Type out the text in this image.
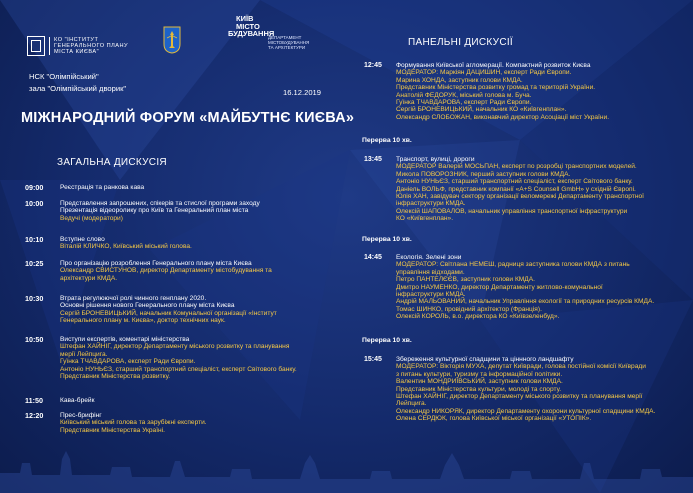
КО "ІНСТИТУТ
ГЕНЕРАЛЬНОГО ПЛАНУ
МІСТА КИЄВА"
КИЇВ
МІСТО
БУДУВАННЯ
ДЕПАРТАМЕНТ
МІСТОБУДУВАННЯ
ТА АРХІТЕКТУРИ
НСК "Олімпійський"
зала "Олімпійський дворик"	16.12.2019
МІЖНАРОДНИЙ ФОРУМ «МАЙБУТНЄ КИЄВА»
ЗАГАЛЬНА ДИСКУСІЯ
ПАНЕЛЬНІ ДИСКУСІЇ
09:00	Реєстрація та ранкова кава
10:00	Представлення запрошених, спікерів та стислої програми заходу
Презентація відеоролику про Київ та Генеральний план міста
Ведучі (модератори)
10:10	Вступне слово
Віталій КЛИЧКО, Київський міський голова.
10:25	Про організацію розроблення Генерального плану міста Києва
Олександр СВИСТУНОВ, директор Департаменту містобудування та
архітектури КМДА.
10:30	Втрата регулюючої ролі чинного генплану 2020.
Основні рішення нового Генерального плану міста Києва
Сергій БРОНЕВИЦЬКИЙ, начальник Комунальної організації «Інститут
Генерального плану м. Києва», доктор технічних наук.
10:50	Виступи експертів, коментарі міністерства
Штефан ХАЙНІГ, директор Департаменту міського розвитку та планування
мерії Лейпцига.
Гуїнка ТЧАВДАРОВА, експерт Ради Європи.
Антоніо НУНЬЄЗ, старший транспортний спеціаліст, експерт Світового банку.
Представник Міністерства розвитку.
11:50	Кава-брейк
12:20	Прес-брифінг
Київський міський голова та зарубіжні експерти.
Представник Міністерства Україні.
12:45	Формування Київської агломерації. Компактний розвиток Києва
МОДЕРАТОР: Маркіян ДАЦИШИН, експерт Ради Європи.
Марина ХОНДА, заступник голови КМДА.
Представник Міністерства розвитку громад та територій України.
Анатолій ФЕДОРУК, міський голова м. Буча.
Гуїнка ТЧАВДАРОВА, експерт Ради Європи.
Сергій БРОНЕВИЦЬКИЙ, начальник КО «Київгенплан».
Олександр СЛОБОЖАН, виконавчий директор Асоціації міст України.
13:45	Транспорт, вулиці, дороги
МОДЕРАТОР Валерій МОСЬПАН, експерт по розробці транспортних моделей.
Микола ПОВОРОЗНИК, перший заступник голови КМДА.
Антоніо НУНЬЄЗ, старший транспортний спеціаліст, експерт Світового банку.
Даніель ВОЛЬФ, представник компанії «A+S Counsell GmbH» у східній Європі.
Юлія ХАН, завідувач сектору організації веломережі Департаменту транспортної
інфраструктури КМДА.
Олексій ШАПОВАЛОВ, начальник управління транспортної інфраструктури
КО «Київгенплан».
14:45	Екологія. Зелені зони
МОДЕРАТОР: Світлана НЕМЕШ, радниця заступника голови КМДА з питань
управління відходами.
Петро ПАНТЕЛЄЄВ, заступник голови КМДА.
Дмитро НАУМЕНКО, директор Департаменту житлово-комунальної
інфраструктури КМДА.
Андрій МАЛЬОВАНИЙ, начальник Управління екології та природних ресурсів КМДА.
Томас ШИНКО, провідний архітектор (Франція).
Олексій КОРОЛЬ, в.о. директора КО «Київзеленбуд».
15:45	Збереження культурної спадщини та ціннного ландшафту
МОДЕРАТОР: Вікторія МУХА, депутат Київради, голова постійної комісії Київради
з питань культури, туризму та інформаційної політики.
Валентин МОНДРИЇВСЬКИЙ, заступник голови КМДА.
Представник Міністерства культури, молоді та спорту.
Штефан ХАЙНІГ, директор Департаменту міського розвитку та планування мерії
Лейпцига.
Олександр НИКОРЯК, директор Департаменту охорони культурної спадщини КМДА.
Олена СЕРДЮК, голова Київської міської організації «УТОПІК».
Перерва 10 хв.
Перерва 10 хв.
Перерва 10 хв.
